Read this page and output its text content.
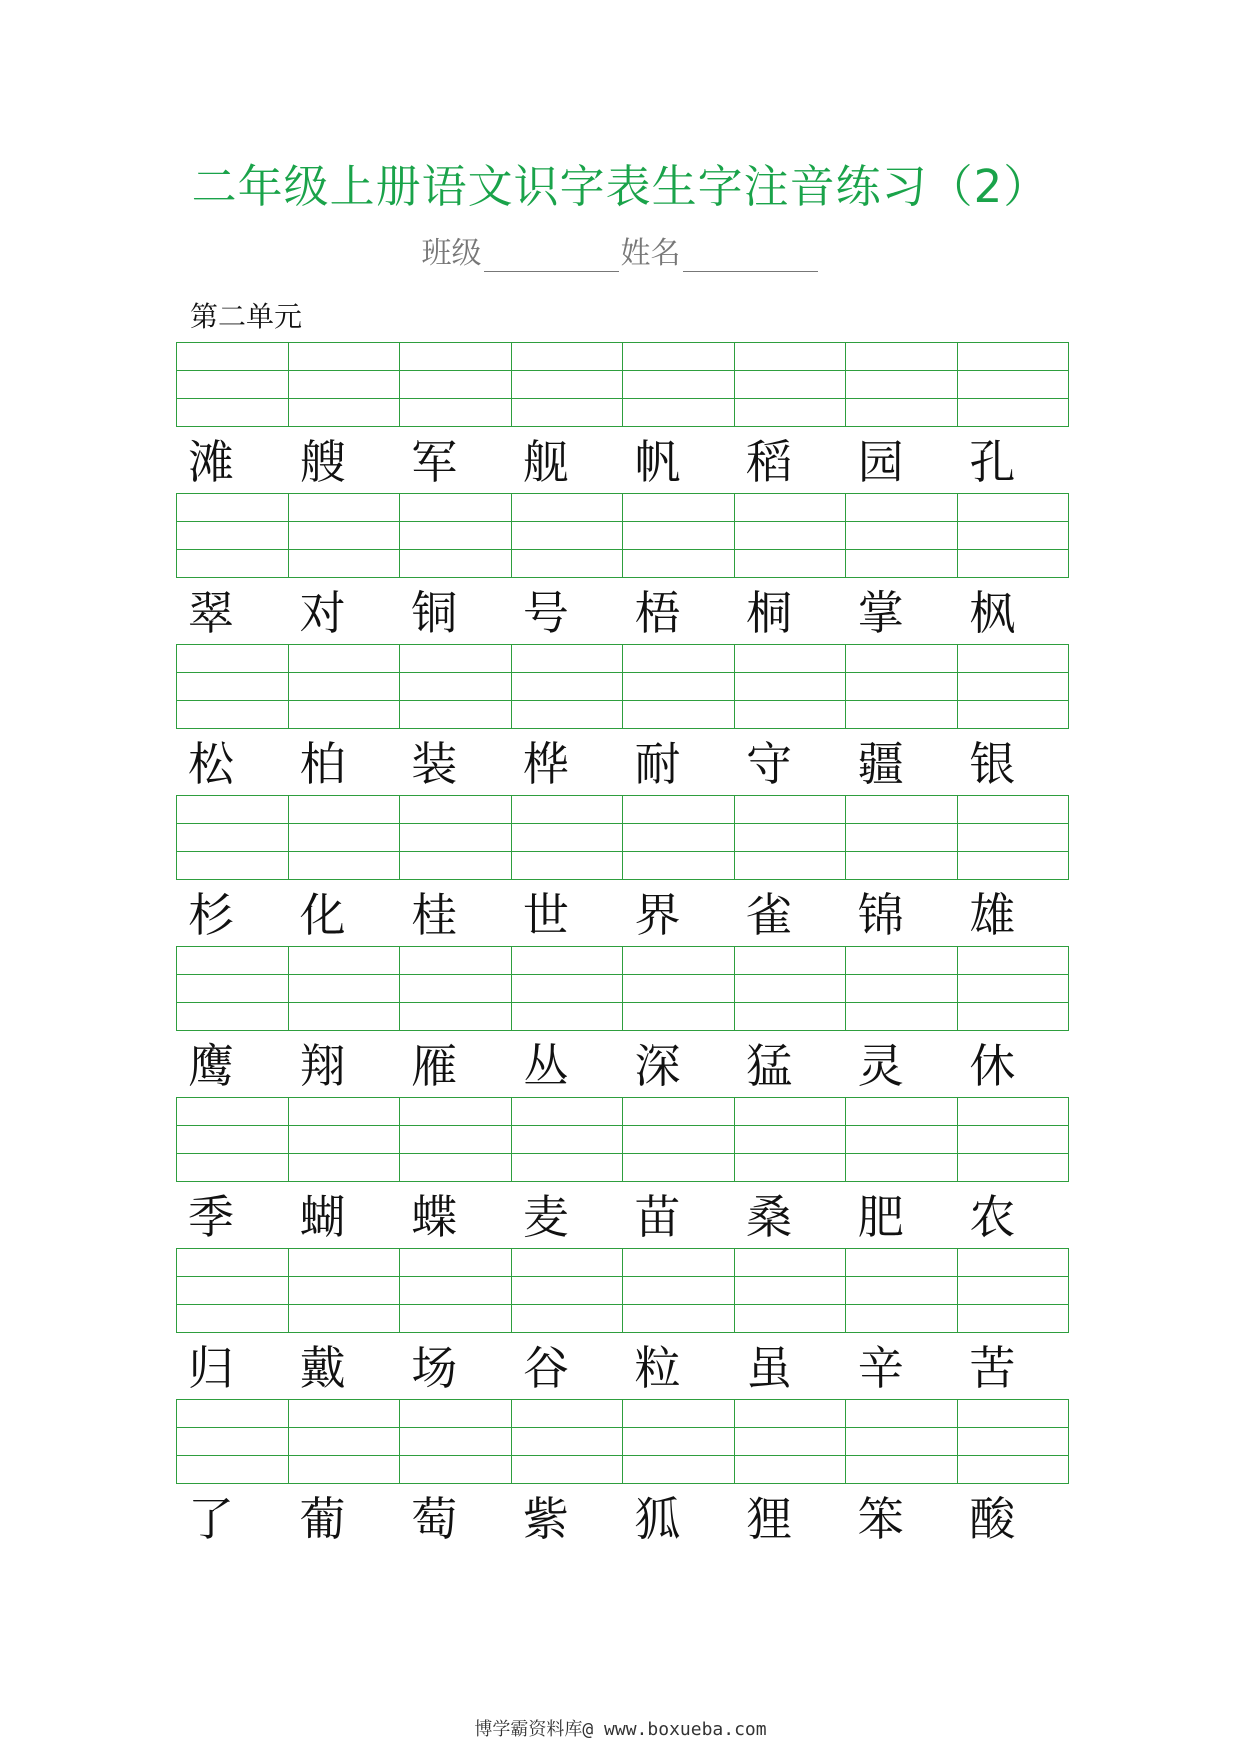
二年级上册语文识字表生字注音练习（2）
班级	姓名
第二单元

滩	艘	军	舰	帆	稻	园	孔

翠	对	铜	号	梧	桐	掌	枫

松	柏	装	桦	耐	守	疆	银

杉	化	桂	世	界	雀	锦	雄

鹰	翔	雁	丛	深	猛	灵	休

季	蝴	蝶	麦	苗	桑	肥	农

归	戴	场	谷	粒	虽	辛	苦

了	葡	萄	紫	狐	狸	笨	酸
博学霸资料库@ www.boxueba.com
